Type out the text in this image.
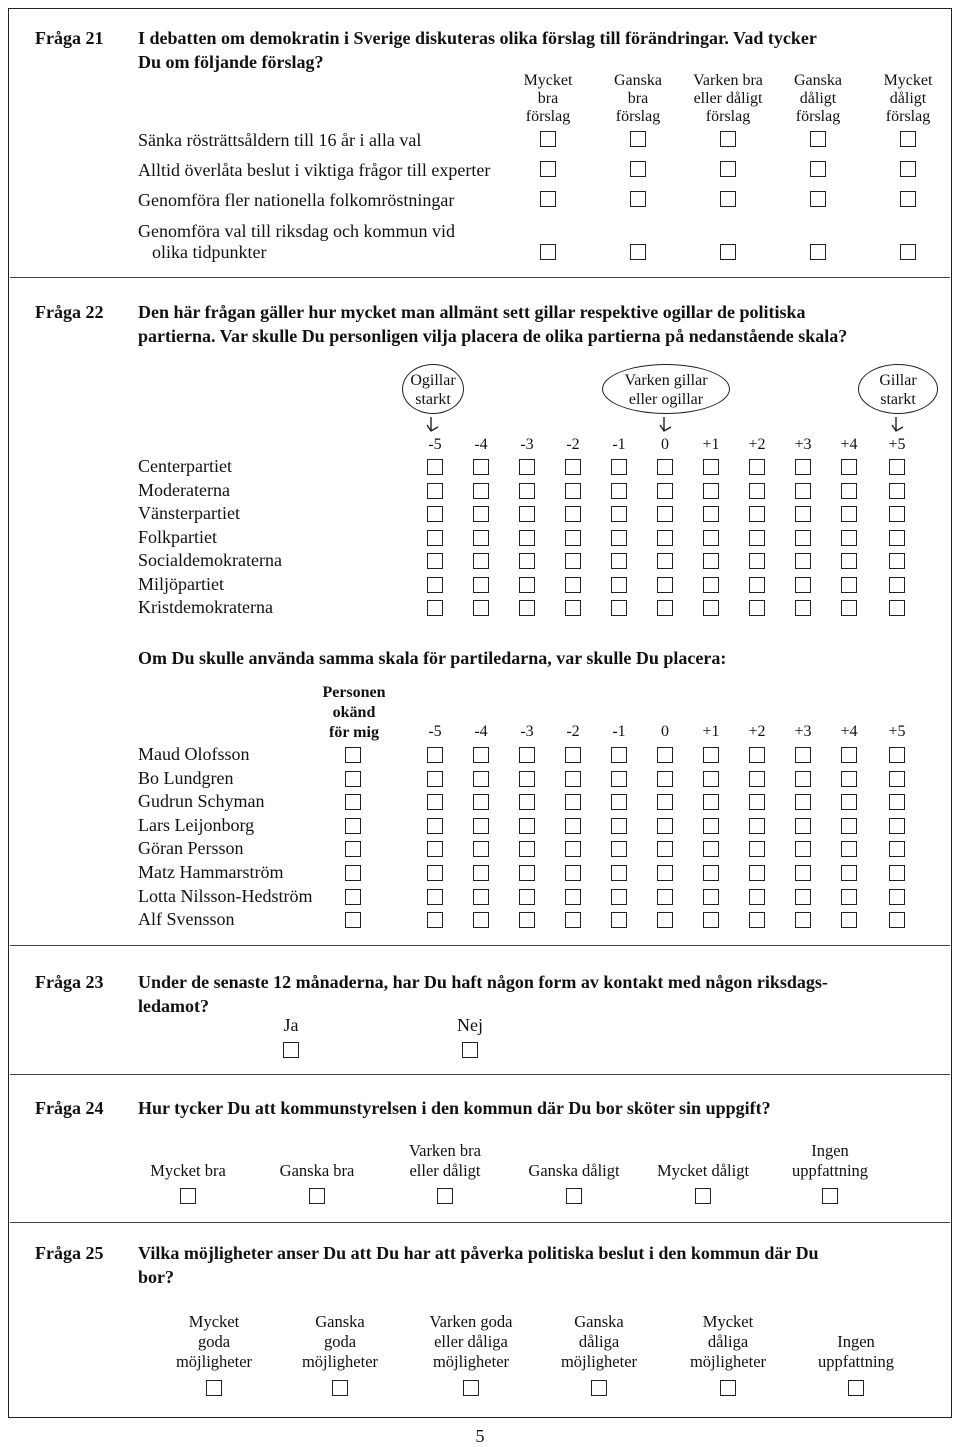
Fråga 21 I debatten om demokratin i Sverige diskuteras olika förslag till förändringar. Vad tycker
Du om följande förslag?
Mycket
bra
förslag
Ganska
bra
förslag
Varken bra
eller dåligt
förslag
Ganska
dåligt
förslag
Mycket
dåligt
förslag
Sänka rösträttsåldern till 16 år i alla val
Alltid överlåta beslut i viktiga frågor till experter
Genomföra fler nationella folkomröstningar
Genomföra val till riksdag och kommun vid
olika tidpunkter
Fråga 22 Den här frågan gäller hur mycket man allmänt sett gillar respektive ogillar de politiska
partierna. Var skulle Du personligen vilja placera de olika partierna på nedanstående skala?
Ogillar
starkt
Varken gillar
eller ogillar
Gillar
starkt
-5	-4	-3	-2	-1	0	+1	+2	+3	+4	+5
Centerpartiet
Moderaterna
Vänsterpartiet
Folkpartiet
Socialdemokraterna
Miljöpartiet
Kristdemokraterna
Om Du skulle använda samma skala för partiledarna, var skulle Du placera:
Personen
okänd
för mig	-5	-4	-3	-2	-1	0	+1	+2	+3	+4	+5
Maud Olofsson
Bo Lundgren
Gudrun Schyman
Lars Leijonborg
Göran Persson
Matz Hammarström
Lotta Nilsson-Hedström
Alf Svensson
Fråga 23 Under de senaste 12 månaderna, har Du haft någon form av kontakt med någon riksdags-
ledamot?
Ja	Nej
Fråga 24 Hur tycker Du att kommunstyrelsen i den kommun där Du bor sköter sin uppgift?
Mycket bra	Ganska bra
Varken bra
eller dåligt	Ganska dåligt	Mycket dåligt
Ingen
uppfattning
Fråga 25 Vilka möjligheter anser Du att Du har att påverka politiska beslut i den kommun där Du
bor?
Mycket
goda
möjligheter
Ganska
goda
möjligheter
Varken goda
eller dåliga
möjligheter
Ganska
dåliga
möjligheter
Mycket
dåliga
möjligheter
Ingen
uppfattning
5
